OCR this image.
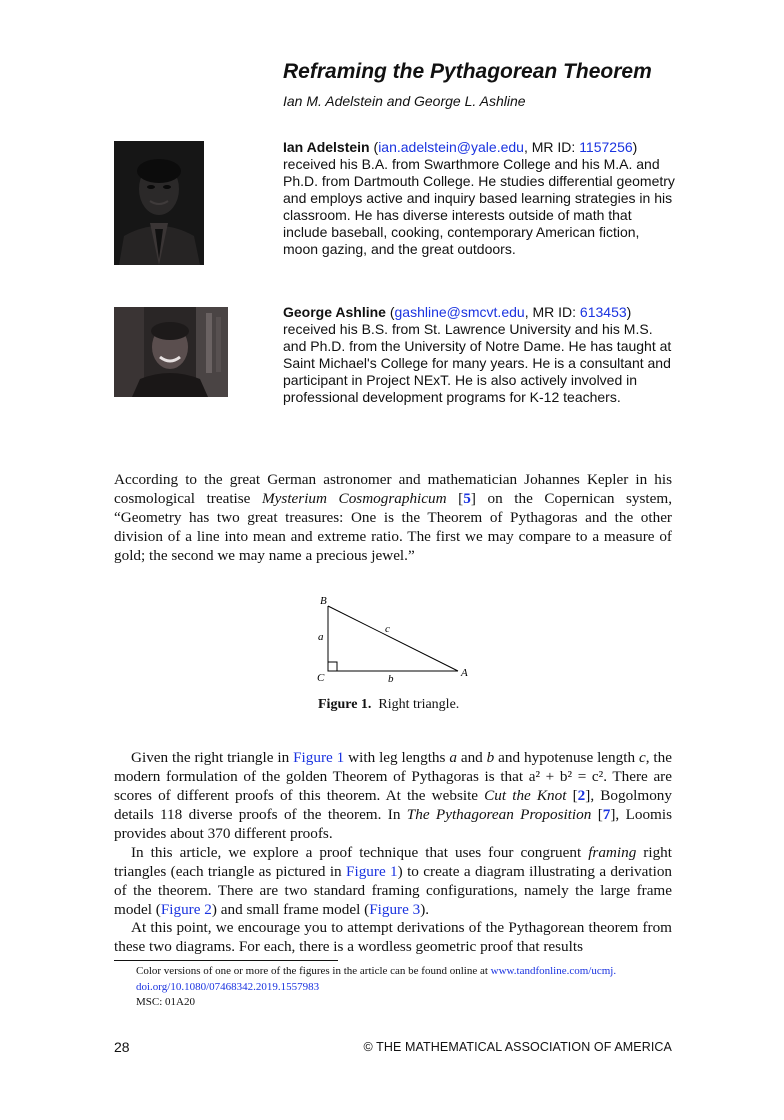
Reframing the Pythagorean Theorem
Ian M. Adelstein and George L. Ashline
Ian Adelstein (ian.adelstein@yale.edu, MR ID: 1157256) received his B.A. from Swarthmore College and his M.A. and Ph.D. from Dartmouth College. He studies differential geometry and employs active and inquiry based learning strategies in his classroom. He has diverse interests outside of math that include baseball, cooking, contemporary American fiction, moon gazing, and the great outdoors.
George Ashline (gashline@smcvt.edu, MR ID: 613453) received his B.S. from St. Lawrence University and his M.S. and Ph.D. from the University of Notre Dame. He has taught at Saint Michael's College for many years. He is a consultant and participant in Project NExT. He is also actively involved in professional development programs for K-12 teachers.
According to the great German astronomer and mathematician Johannes Kepler in his cosmological treatise Mysterium Cosmographicum [5] on the Copernican system, “Geometry has two great treasures: One is the Theorem of Pythagoras and the other division of a line into mean and extreme ratio. The first we may compare to a measure of gold; the second we may name a precious jewel.”
B
a
c
C	b	A
Figure 1. Right triangle.
Given the right triangle in Figure 1 with leg lengths a and b and hypotenuse length c, the modern formulation of the golden Theorem of Pythagoras is that a² + b² = c². There are scores of different proofs of this theorem. At the website Cut the Knot [2], Bogolmony details 118 diverse proofs of the theorem. In The Pythagorean Proposition [7], Loomis provides about 370 different proofs.
In this article, we explore a proof technique that uses four congruent framing right triangles (each triangle as pictured in Figure 1) to create a diagram illustrating a derivation of the theorem. There are two standard framing configurations, namely the large frame model (Figure 2) and small frame model (Figure 3).
At this point, we encourage you to attempt derivations of the Pythagorean theorem from these two diagrams. For each, there is a wordless geometric proof that results
Color versions of one or more of the figures in the article can be found online at www.tandfonline.com/ucmj.
doi.org/10.1080/07468342.2019.1557983
MSC: 01A20
28	© THE MATHEMATICAL ASSOCIATION OF AMERICA
